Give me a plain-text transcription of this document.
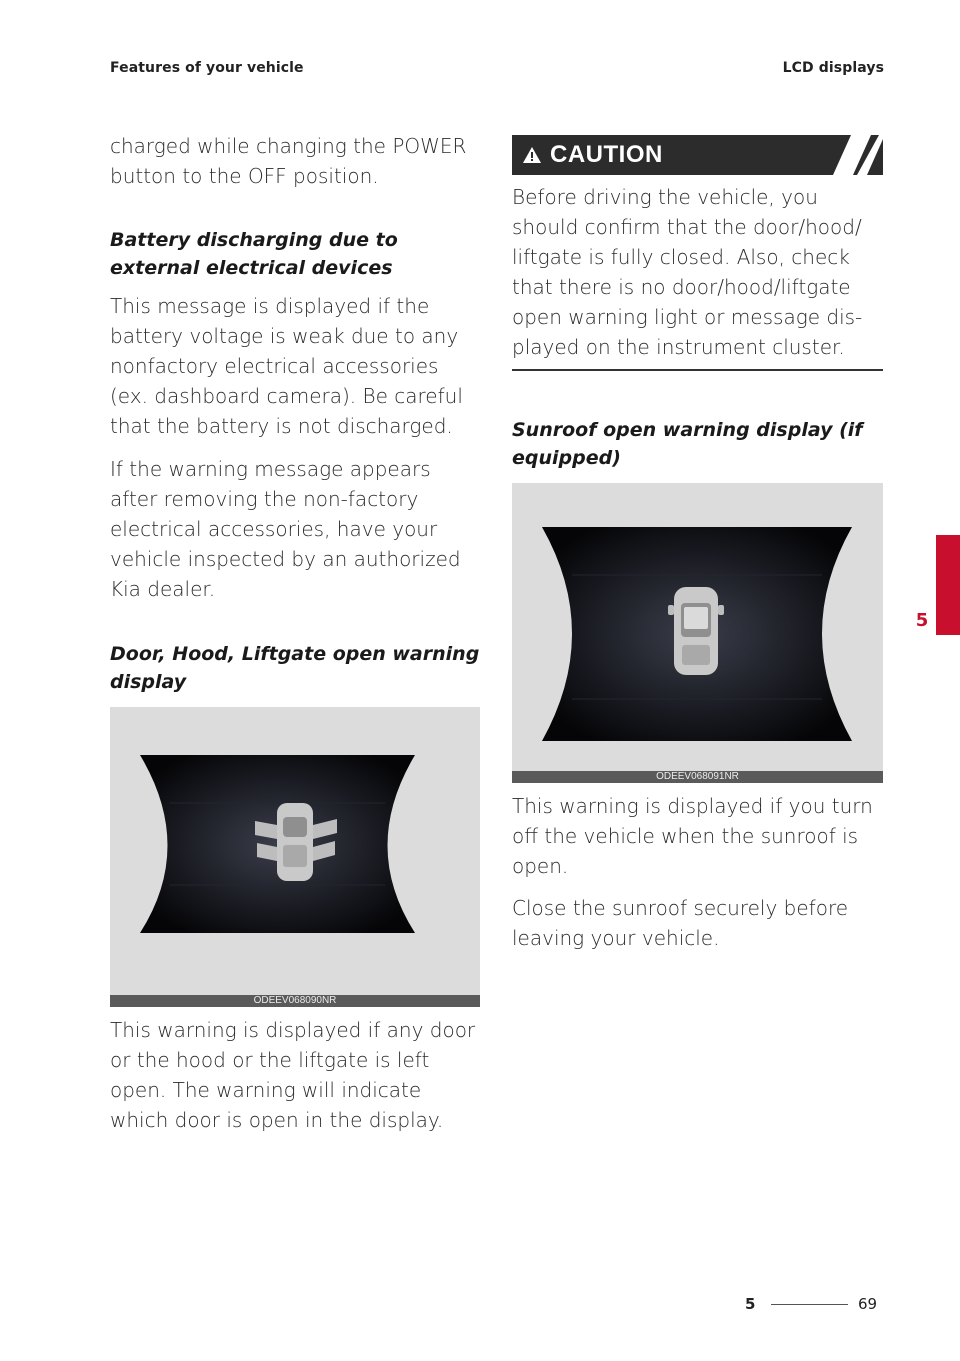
Features of your vehicle	LCD displays

charged while changing the POWER button to the OFF position.

Battery discharging due to external electrical devices

This message is displayed if the battery voltage is weak due to any nonfactory electrical accessories (ex. dashboard camera). Be careful that the battery is not discharged.

If the warning message appears after removing the non-factory electrical accessories, have your vehicle inspected by an authorized Kia dealer.

Door, Hood, Liftgate open warning display
ODEEV068090NR

This warning is displayed if any door or the hood or the liftgate is left open. The warning will indicate which door is open in the display.

CAUTION

Before driving the vehicle, you should confirm that the door/hood/ liftgate is fully closed. Also, check that there is no door/hood/liftgate open warning light or message dis- played on the instrument cluster.

Sunroof open warning display (if equipped)
ODEEV068091NR

This warning is displayed if you turn off the vehicle when the sunroof is open.

Close the sunroof securely before leaving your vehicle.

5
5	69
